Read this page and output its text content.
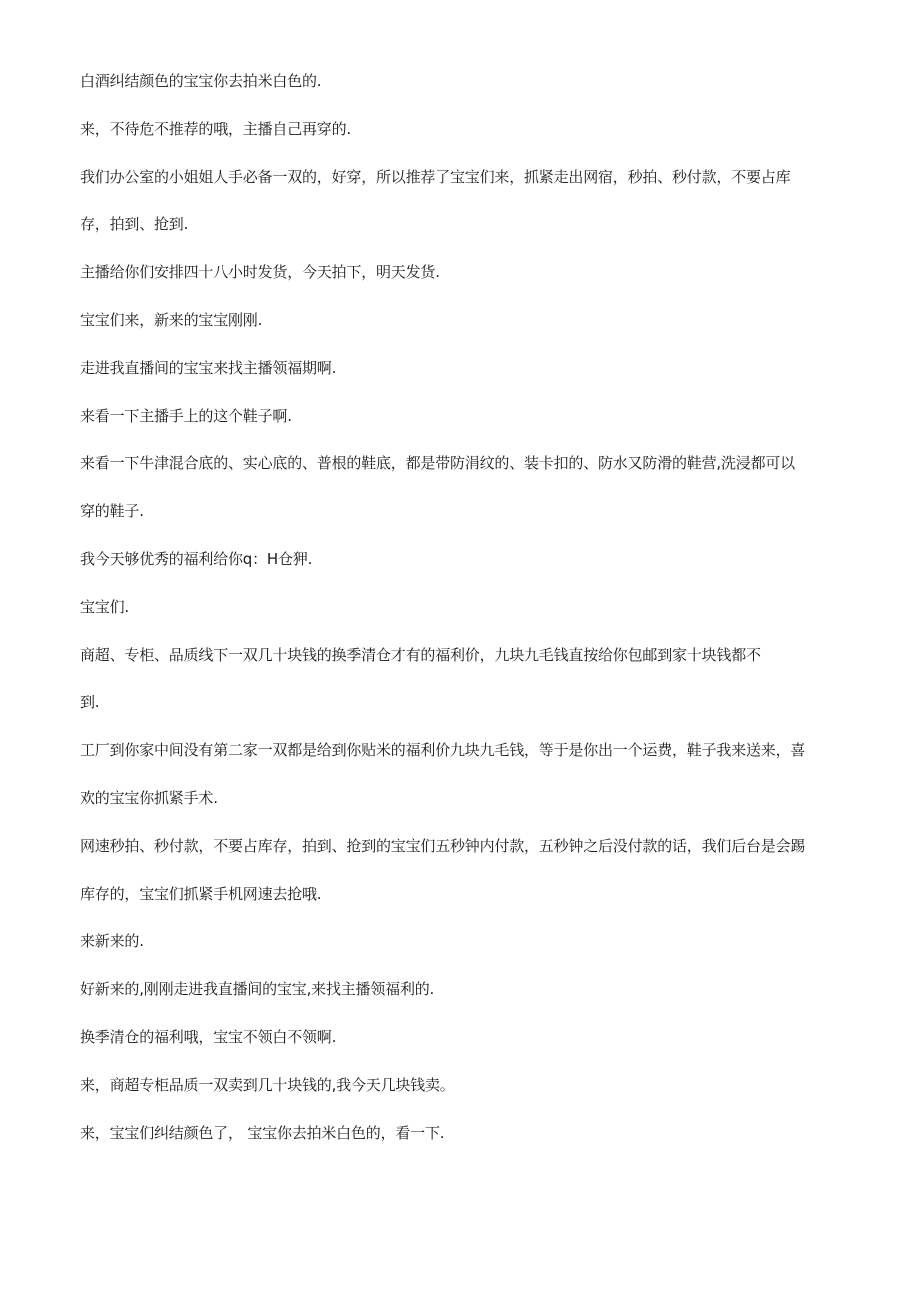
白酒纠结颜色的宝宝你去拍米白色的.
来，不待危不推荐的哦，主播自己再穿的.
我们办公室的小姐姐人手必备一双的，好穿，所以推荐了宝宝们来，抓紧走出网宿，秒拍、秒付款，不要占库
存，拍到、抢到.
主播给你们安排四十八小时发货，今天拍下，明天发货.
宝宝们来，新来的宝宝刚刚.
走进我直播间的宝宝来找主播领福期啊.
来看一下主播手上的这个鞋子啊.
来看一下牛津混合底的、实心底的、普根的鞋底，都是带防涓纹的、装卡扣的、防水又防滑的鞋营,洗浸都可以
穿的鞋子.
我今天够优秀的福利给你q：H仓狎.
宝宝们.
商超、专柜、品质线下一双几十块钱的换季清仓才有的福利价，九块九毛钱直按给你包邮到家十块钱都不
到.
工厂到你家中间没有第二家一双都是给到你贴米的福利价九块九毛钱，等于是你出一个运费，鞋子我来送来，喜
欢的宝宝你抓紧手术.
网速秒拍、秒付款，不要占库存，拍到、抢到的宝宝们五秒钟内付款，五秒钟之后没付款的话，我们后台是会踢
库存的，宝宝们抓紧手机网速去抢哦.
来新来的.
好新来的,刚刚走进我直播间的宝宝,来找主播领福利的.
换季清仓的福利哦，宝宝不领白不领啊.
来，商超专柜品质一双卖到几十块钱的,我今天几块钱卖。
来，宝宝们纠结颜色了， 宝宝你去拍米白色的，看一下.
